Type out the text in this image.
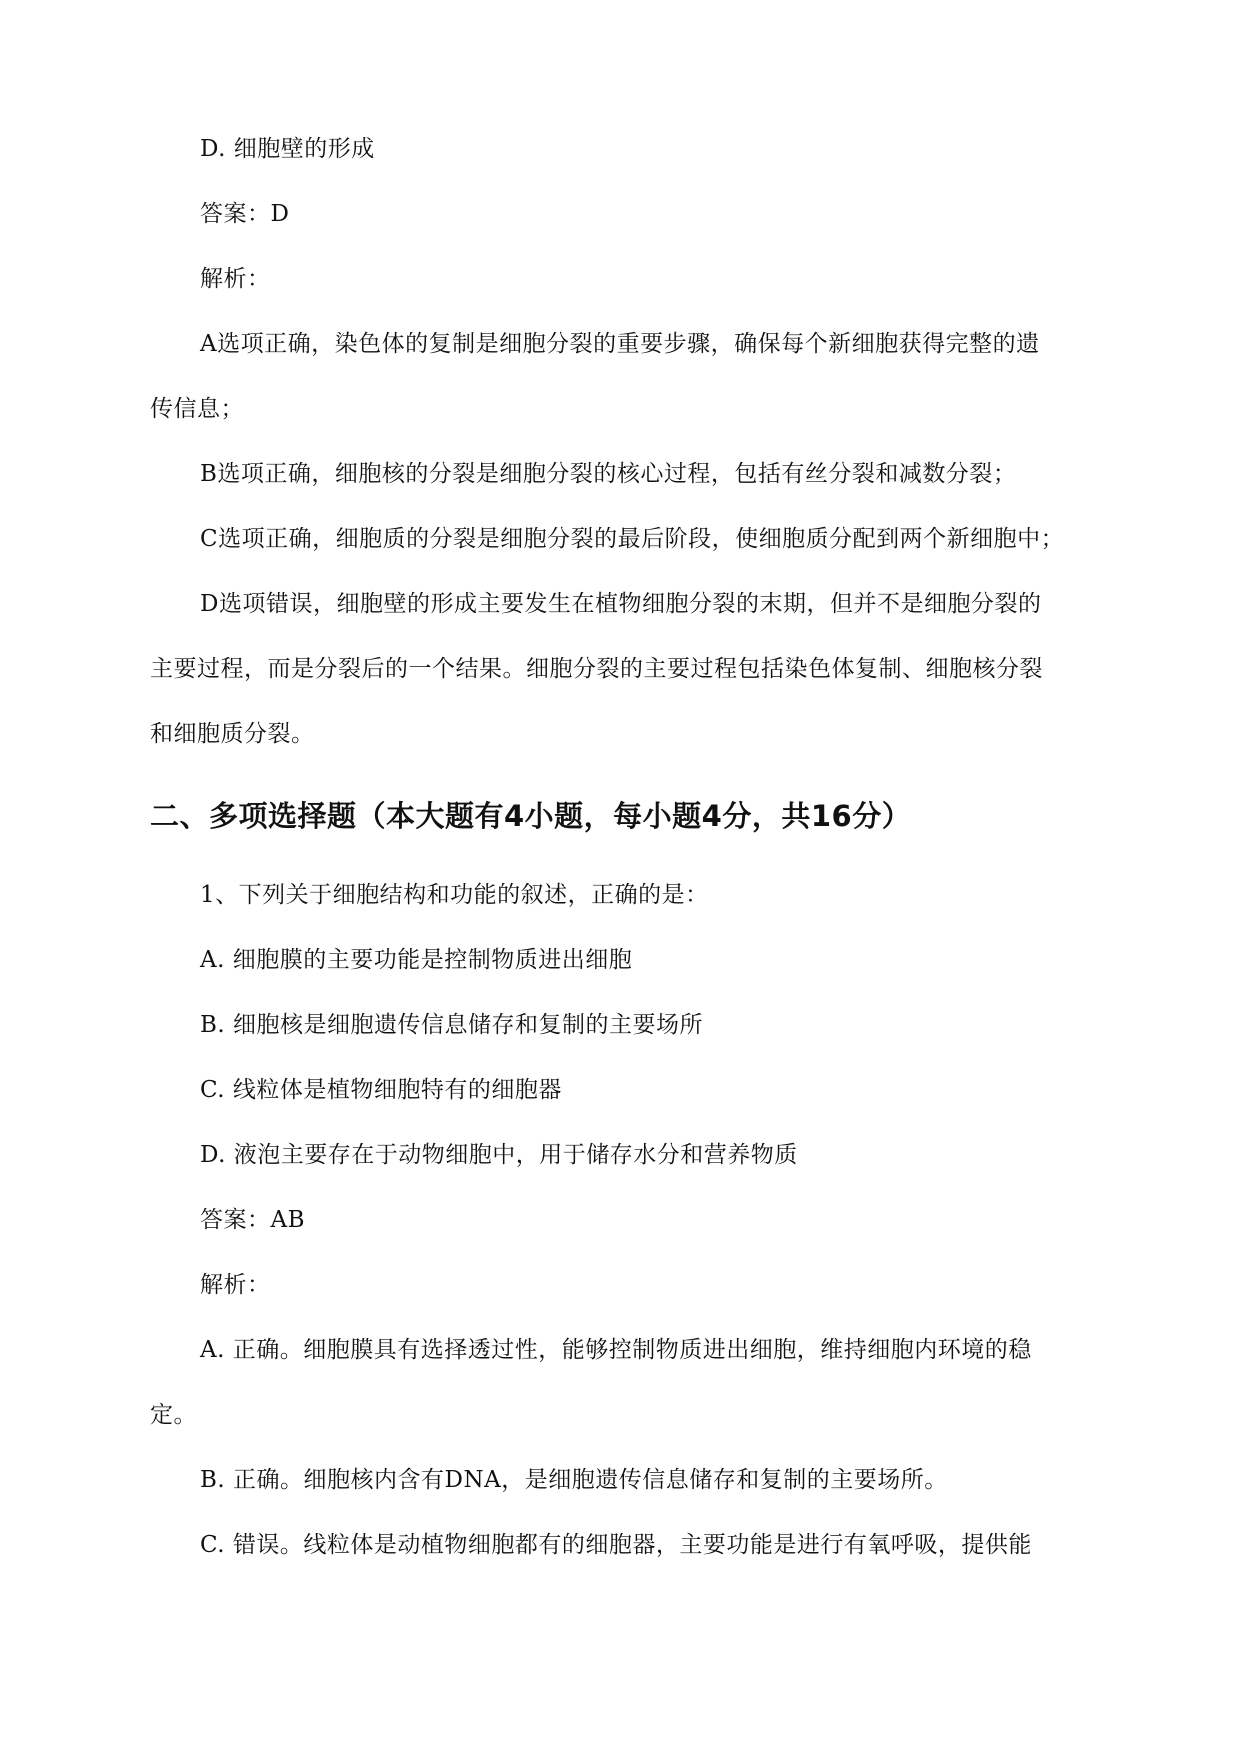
D. 细胞壁的形成
答案：D
解析：
A选项正确，染色体的复制是细胞分裂的重要步骤，确保每个新细胞获得完整的遗
传信息；
B选项正确，细胞核的分裂是细胞分裂的核心过程，包括有丝分裂和减数分裂；
C选项正确，细胞质的分裂是细胞分裂的最后阶段，使细胞质分配到两个新细胞中；
D选项错误，细胞壁的形成主要发生在植物细胞分裂的末期，但并不是细胞分裂的
主要过程，而是分裂后的一个结果。细胞分裂的主要过程包括染色体复制、细胞核分裂
和细胞质分裂。
二、多项选择题（本大题有4小题，每小题4分，共16分）
1、下列关于细胞结构和功能的叙述，正确的是：
A. 细胞膜的主要功能是控制物质进出细胞
B. 细胞核是细胞遗传信息储存和复制的主要场所
C. 线粒体是植物细胞特有的细胞器
D. 液泡主要存在于动物细胞中，用于储存水分和营养物质
答案：AB
解析：
A. 正确。细胞膜具有选择透过性，能够控制物质进出细胞，维持细胞内环境的稳
定。
B. 正确。细胞核内含有DNA，是细胞遗传信息储存和复制的主要场所。
C. 错误。线粒体是动植物细胞都有的细胞器，主要功能是进行有氧呼吸，提供能
